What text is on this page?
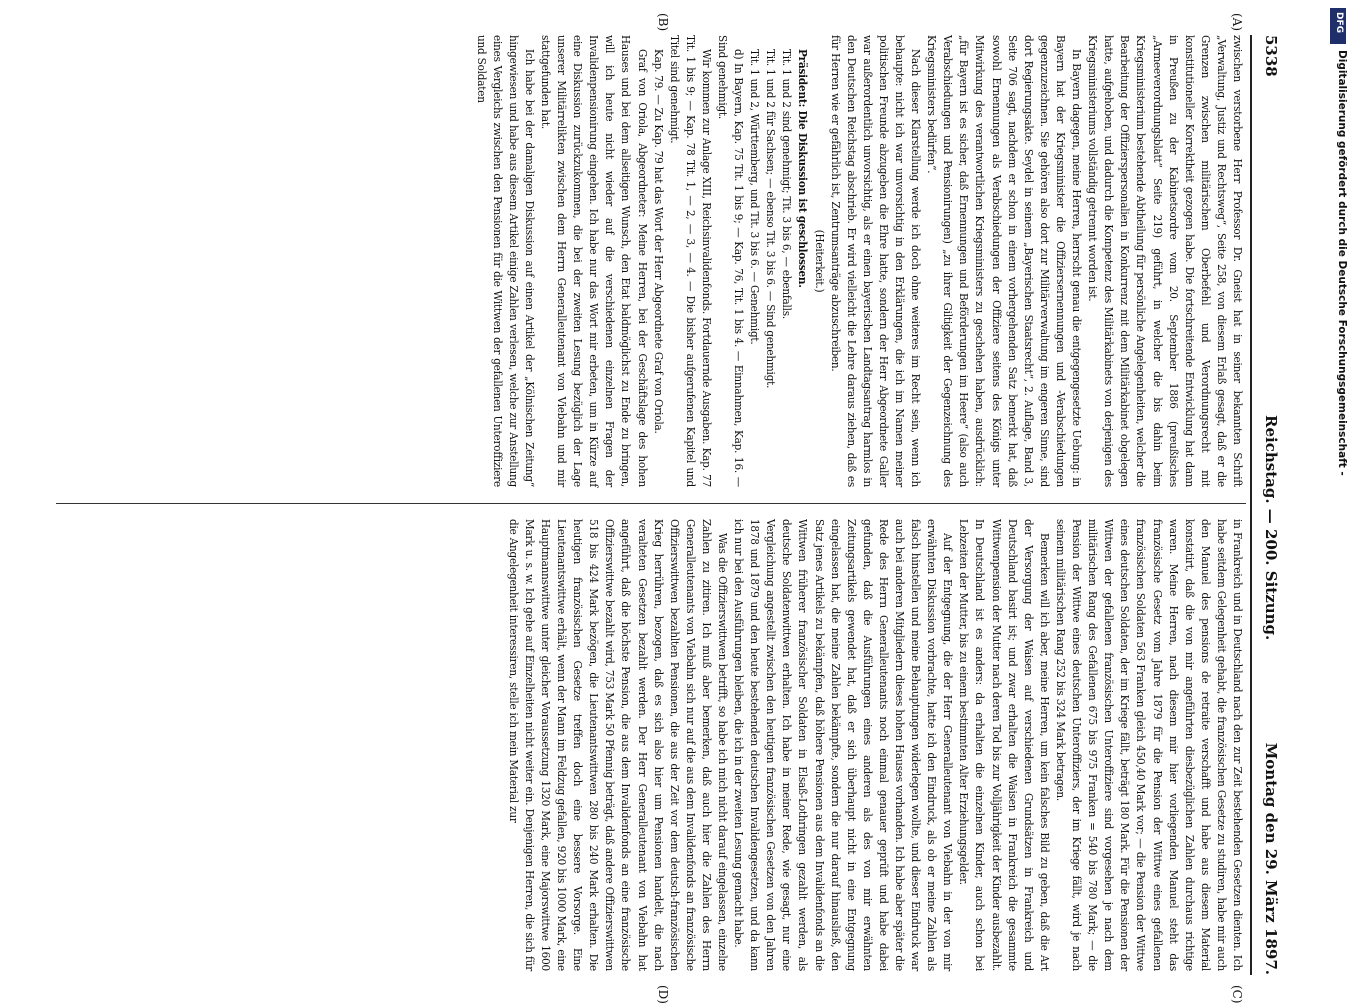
5338
Reichstag. — 200. Sitzung.
Montag den 29. März 1897.
(A)
(B)
(C)
(D)

zwischen verstorbene Herr Professor Dr. Gneist hat in seiner bekannten Schrift „Verwaltung, Justiz und Rechtsweg“, Seite 258, von diesem Erlaß gesagt, daß er die Grenzen zwischen militärischem Oberbefehl und Verordnungsrecht mit konstitutioneller Korrektheit gezogen habe. Die fortschreitende Entwicklung hat dann in Preußen zu der Kabinetsordre vom 20. September 1886 (preußisches „Armeeverordnungsblatt“ Seite 219) geführt, in welcher die bis dahin beim Kriegsministerium bestehende Abtheilung für persönliche Angelegenheiten, welcher die Bearbeitung der Offizierspersonalien in Konkurrenz mit dem Militärkabinet obgelegen hatte, aufgehoben, und dadurch die Kompetenz des Militärkabinets von derjenigen des Kriegsministeriums vollständig getrennt worden ist.

In Bayern dagegen, meine Herren, herrscht genau die entgegengesetzte Uebung: in Bayern hat der Kriegsminister die Offiziersernennungen und -Verabschiedungen gegenzuzeichnen. Sie gehören also dort zur Militärverwaltung im engeren Sinne, sind dort Regierungsakte. Seydel in seinem „Bayerischen Staatsrecht“, 2. Auflage, Band 3, Seite 706 sagt, nachdem er schon in einem vorhergehenden Satz bemerkt hat, daß sowohl Ernennungen als Verabschiedungen der Offiziere seitens des Königs unter Mitwirkung des verantwortlichen Kriegsministers zu geschehen haben, ausdrücklich: „für Bayern ist es sicher, daß Ernennungen und Beförderungen im Heere“ (also auch Verabschiedungen und Pensionirungen) „zu ihrer Giltigkeit der Gegenzeichnung des Kriegsministers bedürfen“.

Nach dieser Klarstellung werde ich doch ohne weiteres im Recht sein, wenn ich behaupte: nicht ich war unvorsichtig in den Erklärungen, die ich im Namen meiner politischen Freunde abzugeben die Ehre hatte, sondern der Herr Abgeordnete Galler war außerordentlich unvorsichtig, als er einen bayerischen Landtagsantrag harmlos in den Deutschen Reichstag abschrieb. Er wird vielleicht die Lehre daraus ziehen, daß es für Herren wie er gefährlich ist, Zentrumsanträge abzuschreiben.

(Heiterkeit.)

Präsident: Die Diskussion ist geschlossen.

Tit. 1 und 2 sind genehmigt; Tit. 3 bis 6, — ebenfalls.

Tit. 1 und 2 für Sachsen; — ebenso Tit. 3 bis 6. — Sind genehmigt.

Tit. 1 und 2, Württemberg, und Tit. 3 bis 6. — Genehmigt.

d) In Bayern, Kap. 75 Tit. 1 bis 9; — Kap. 76, Tit. 1 bis 4. — Einnahmen, Kap. 16. — Sind genehmigt.

Wir kommen zur Anlage XIII, Reichsinvalidenfonds. Fortdauernde Ausgaben. Kap. 77 Tit. 1 bis 9; — Kap. 78 Tit. 1, — 2, — 3, — 4. — Die bisher aufgerufenen Kapitel und Titel sind genehmigt.

Kap. 79. — Zu Kap. 79 hat das Wort der Herr Abgeordnete Graf von Oriola.

Graf von Oriola, Abgeordneter: Meine Herren, bei der Geschäftslage des hohen Hauses und bei dem allseitigen Wunsch, den Etat baldmöglichst zu Ende zu bringen, will ich heute nicht wieder auf die verschiedenen einzelnen Fragen der Invalidenpensionirung eingehen. Ich habe nur das Wort mir erbeten, um in Kürze auf eine Diskussion zurückzukommen, die bei der zweiten Lesung bezüglich der Lage unserer Militärrelikten zwischen dem Herrn Generalleutenant von Viebahn und mir stattgefunden hat.

Ich habe bei der damaligen Diskussion auf einen Artikel der „Kölnischen Zeitung“ hingewiesen und habe aus diesem Artikel einige Zahlen verlesen, welche zur Anstellung eines Vergleichs zwischen den Pensionen für die Wittwen der gefallenen Unteroffiziere und Soldaten

in Frankreich und in Deutschland nach den zur Zeit bestehenden Gesetzen dienten. Ich habe seitdem Gelegenheit gehabt, die französischen Gesetze zu studiren, habe mir auch den Manuel des pensions de retraite verschafft und habe aus diesem Material konstatirt, daß die von mir angeführten diesbezüglichen Zahlen durchaus richtige waren. Meine Herren, nach diesem mir hier vorliegenden Manuel steht das französische Gesetz vom Jahre 1879 für die Pension der Wittwe eines gefallenen französischen Soldaten 563 Franken gleich 450,40 Mark vor; — die Pension der Wittwe eines deutschen Soldaten, der im Kriege fällt, beträgt 180 Mark. Für die Pensionen der Wittwen der gefallenen französischen Unteroffiziere sind vorgesehen je nach dem militärischen Rang des Gefallenen 675 bis 975 Franken = 540 bis 780 Mark; — die Pension der Wittwe eines deutschen Unteroffiziers, der im Kriege fällt, wird je nach seinem militärischen Rang 252 bis 324 Mark betragen.

Bemerken will ich aber, meine Herren, um kein falsches Bild zu geben, daß die Art der Versorgung der Waisen auf verschiedenen Grundsätzen in Frankreich und Deutschland basirt ist; und zwar erhalten die Waisen in Frankreich die gesammte Wittwenpension der Mutter nach deren Tod bis zur Volljährigkeit der Kinder ausbezahlt. In Deutschland ist es anders: da erhalten die einzelnen Kinder, auch schon bei Lebzeiten der Mutter, bis zu einem bestimmten Alter Erziehungsgelder.

Auf der Entgegnung, die der Herr Generalleutenant von Viebahn in der von mir erwähnten Diskussion vorbrachte, hatte ich den Eindruck, als ob er meine Zahlen als falsch hinstellen und meine Behauptungen widerlegen wollte, und dieser Eindruck war auch bei anderen Mitgliedern dieses hohen Hauses vorhanden. Ich habe aber später die Rede des Herrn Generalleutenants noch einmal genauer geprüft und habe dabei gefunden, daß die Ausführungen eines anderen als des von mir erwähnten Zeitungsartikels gewendet hat, daß er sich überhaupt nicht in eine Entgegnung eingelassen hat, die meine Zahlen bekämpfte, sondern die nur darauf hinausließ, den Satz jenes Artikels zu bekämpfen, daß höhere Pensionen aus dem Invalidenfonds an die Wittwen früherer französischer Soldaten in Elsaß-Lothringen gezahlt werden, als deutsche Soldatenwittwen erhalten. Ich habe in meiner Rede, wie gesagt, nur eine Vergleichung angestellt zwischen den heutigen französischen Gesetzen von den Jahren 1878 und 1879 und den heute bestehenden deutschen Invalidengesetzen, und da kann ich nur bei den Ausführungen bleiben, die ich in der zweiten Lesung gemacht habe.

Was die Offizierswittwen betrifft, so habe ich mich nicht darauf eingelassen, einzelne Zahlen zu zitiren. Ich muß aber bemerken, daß auch hier die Zahlen des Herrn Generalleutenants von Viebahn sich nur auf die aus dem Invalidenfonds an französische Offizierswittwen bezahlten Pensionen, die aus der Zeit vor dem deutsch-französischen Krieg herrühren, bezogen, daß es sich also hier um Pensionen handelt, die nach veralteten Gesetzen bezahlt werden. Der Herr Generalleutenant von Viebahn hat angeführt, daß die höchste Pension, die aus dem Invalidenfonds an eine französische Offizierswittwe bezahlt wird, 753 Mark 50 Pfennig beträgt, daß andere Offizierswittwen 518 bis 424 Mark bezögen, die Lieutenantswittwen 280 bis 240 Mark erhalten. Die heutigen französischen Gesetze treffen doch eine bessere Vorsorge. Eine Lieutenantswittwe erhält, wenn der Mann im Feldzug gefallen, 920 bis 1000 Mark, eine Hauptmannswittwe unter gleicher Voraussetzung 1320 Mark, eine Majorswittwe 1600 Mark u. s. w. Ich gehe auf Einzelheiten nicht weiter ein. Denjenigen Herren, die sich für die Angelegenheit interessiren, stelle ich mein Material zur

DFG
Digitalisierung gefördert durch die Deutsche Forschungsgemeinschaft -
